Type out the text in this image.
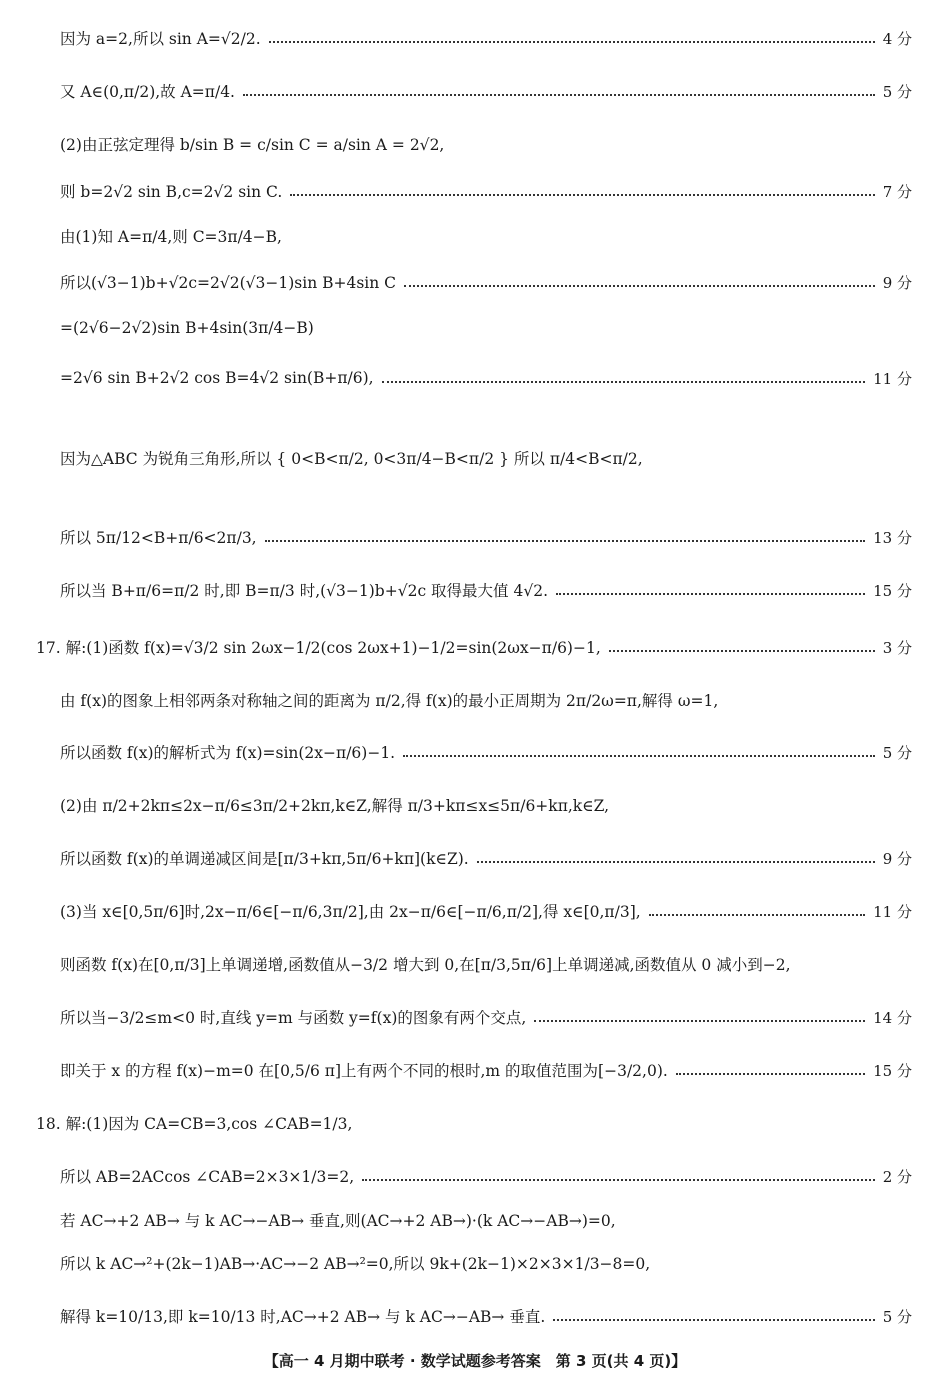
因为 a=2,所以 sin A=√2/2.	4 分
又 A∈(0,π/2),故 A=π/4.	5 分
(2)由正弦定理得 b/sin B = c/sin C = a/sin A = 2√2,
则 b=2√2 sin B,c=2√2 sin C.	7 分
由(1)知 A=π/4,则 C=3π/4−B,
所以(√3−1)b+√2c=2√2(√3−1)sin B+4sin C	9 分
=(2√6−2√2)sin B+4sin(3π/4−B)
=2√6 sin B+2√2 cos B=4√2 sin(B+π/6),	11 分
因为△ABC 为锐角三角形,所以 { 0<B<π/2, 0<3π/4−B<π/2 } 所以 π/4<B<π/2,
所以 5π/12<B+π/6<2π/3,	13 分
所以当 B+π/6=π/2 时,即 B=π/3 时,(√3−1)b+√2c 取得最大值 4√2.	15 分
17. 解:(1)函数 f(x)=√3/2 sin 2ωx−1/2(cos 2ωx+1)−1/2=sin(2ωx−π/6)−1,	3 分
由 f(x)的图象上相邻两条对称轴之间的距离为 π/2,得 f(x)的最小正周期为 2π/2ω=π,解得 ω=1,
所以函数 f(x)的解析式为 f(x)=sin(2x−π/6)−1.	5 分
(2)由 π/2+2kπ≤2x−π/6≤3π/2+2kπ,k∈Z,解得 π/3+kπ≤x≤5π/6+kπ,k∈Z,
所以函数 f(x)的单调递减区间是[π/3+kπ,5π/6+kπ](k∈Z).	9 分
(3)当 x∈[0,5π/6]时,2x−π/6∈[−π/6,3π/2],由 2x−π/6∈[−π/6,π/2],得 x∈[0,π/3],	11 分
则函数 f(x)在[0,π/3]上单调递增,函数值从−3/2 增大到 0,在[π/3,5π/6]上单调递减,函数值从 0 减小到−2,
所以当−3/2≤m<0 时,直线 y=m 与函数 y=f(x)的图象有两个交点,	14 分
即关于 x 的方程 f(x)−m=0 在[0,5/6 π]上有两个不同的根时,m 的取值范围为[−3/2,0).	15 分
18. 解:(1)因为 CA=CB=3,cos ∠CAB=1/3,
所以 AB=2ACcos ∠CAB=2×3×1/3=2,	2 分
若 AC→+2 AB→ 与 k AC→−AB→ 垂直,则(AC→+2 AB→)·(k AC→−AB→)=0,
所以 k AC→²+(2k−1)AB→·AC→−2 AB→²=0,所以 9k+(2k−1)×2×3×1/3−8=0,
解得 k=10/13,即 k=10/13 时,AC→+2 AB→ 与 k AC→−AB→ 垂直.	5 分
【高一 4 月期中联考 · 数学试题参考答案　第 3 页(共 4 页)】
